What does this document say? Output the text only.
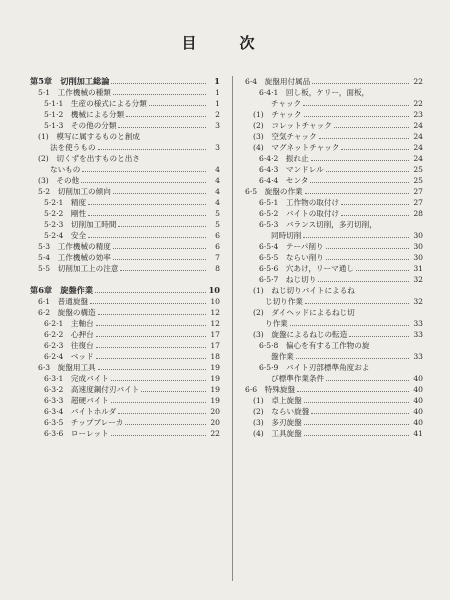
目　次
第5章　切削加工総論	1
5·1　工作機械の種類	1
5·1·1　生産の様式による分類	1
5·1·2　機械による分類	2
5·1·3　その他の分類	3
(1)　模写に属するものと創成
法を使うもの	3
(2)　切くずを出すものと出さ
ないもの	4
(3)　その他	4
5·2　切削加工の傾向	4
5·2·1　精度	4
5·2·2　剛性	5
5·2·3　切削加工時間	5
5·2·4　安全	6
5·3　工作機械の精度	6
5·4　工作機械の効率	7
5·5　切削加工上の注意	8
第6章　旋盤作業	10
6·1　普通旋盤	10
6·2　旋盤の構造	12
6·2·1　主軸台	12
6·2·2　心押台	17
6·2·3　往復台	17
6·2·4　ベッド	18
6·3　旋盤用工具	19
6·3·1　完成バイト	19
6·3·2　高速度鋼付刃バイト	19
6·3·3　超硬バイト	19
6·3·4　バイトホルダ	20
6·3·5　チップブレーカ	20
6·3·6　ローレット	22
6·4　旋盤用付属品	22
6·4·1　回し板，ケリー，面板，
チャック	22
(1)　チャック	23
(2)　コレットチャック	24
(3)　空気チャック	24
(4)　マグネットチャック	24
6·4·2　振れ止	24
6·4·3　マンドレル	25
6·4·4　センタ	25
6·5　旋盤の作業	27
6·5·1　工作物の取付け	27
6·5·2　バイトの取付け	28
6·5·3　バランス切削，多刃切削，
同時切削	30
6·5·4　テーパ削り	30
6·5·5　ならい削り	30
6·5·6　穴あけ，リーマ通し	31
6·5·7　ねじ切り	32
(1)　ねじ切りバイトによるね
じ切り作業	32
(2)　ダイヘッドによるねじ切
り作業	33
(3)　旋盤によるねじの転造	33
6·5·8　偏心を有する工作物の旋
盤作業	33
6·5·9　バイト刃部標準角度およ
び標準作業条件	40
6·6　特殊旋盤	40
(1)　卓上旋盤	40
(2)　ならい旋盤	40
(3)　多刃旋盤	40
(4)　工具旋盤	41
